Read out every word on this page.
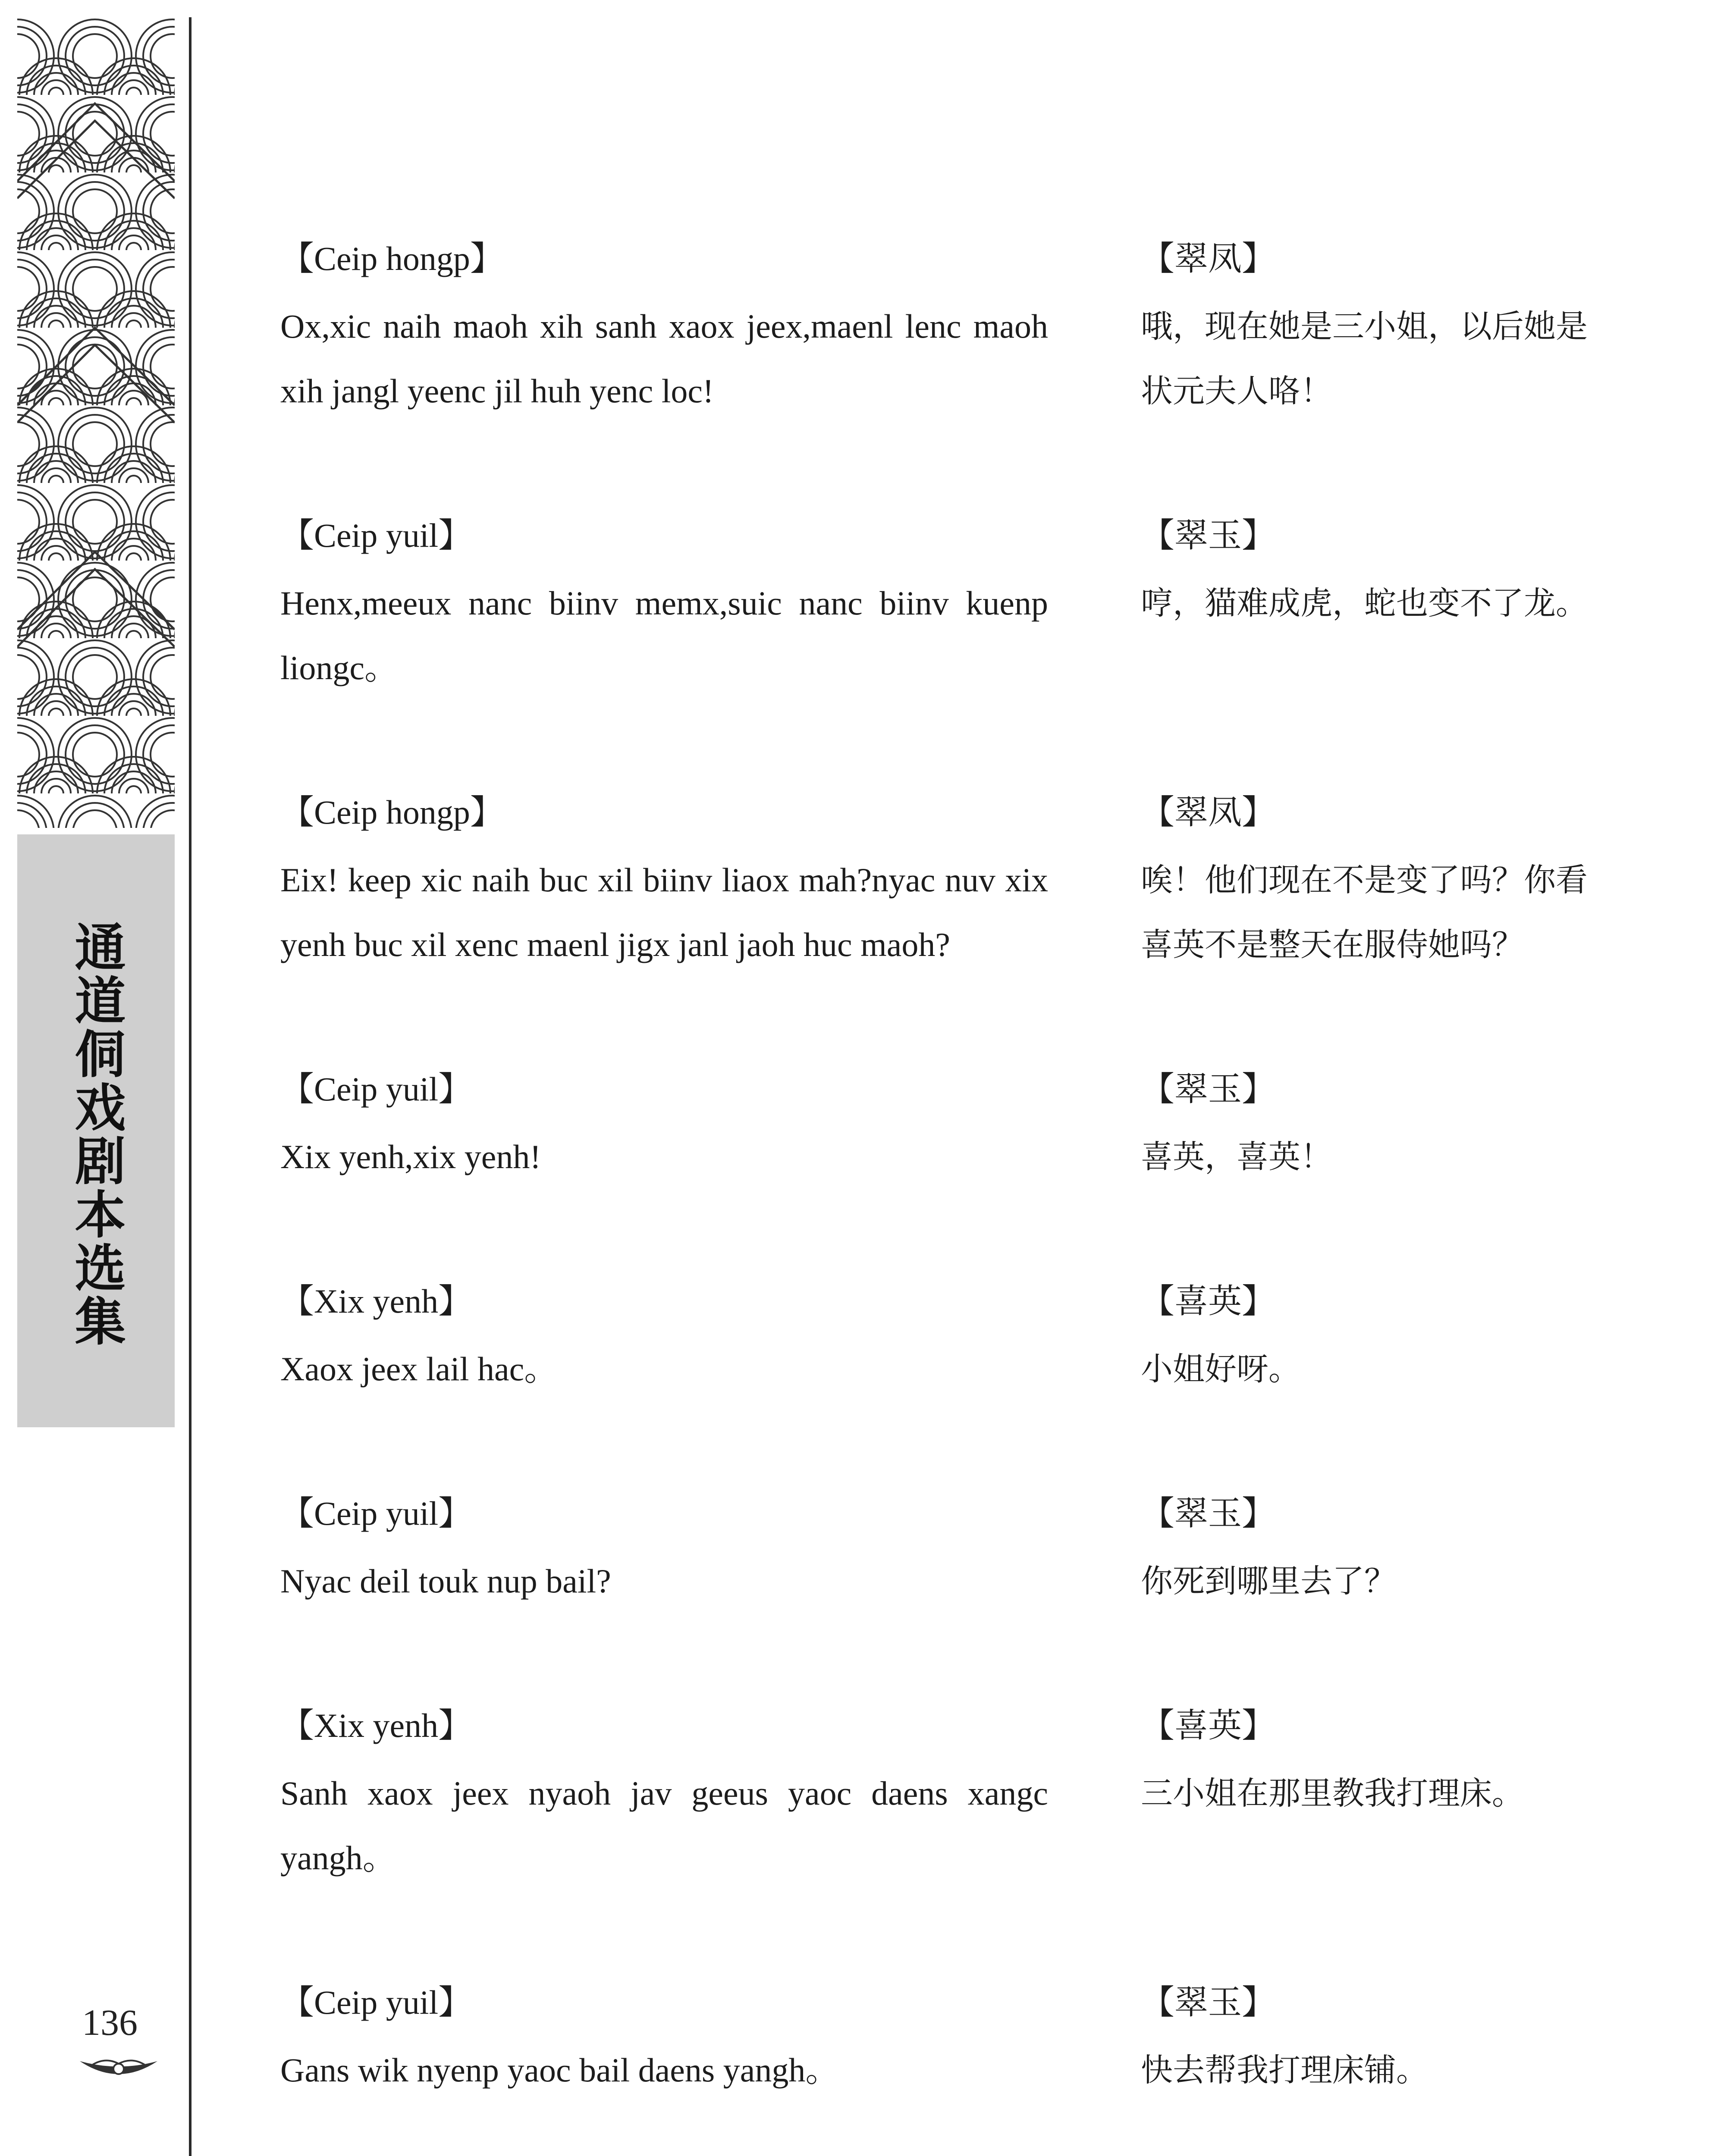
通道侗戏剧本选集
136

【Ceip hongp】

Ox,xic naih maoh xih sanh xaox jeex,maenl lenc maoh xih jangl yeenc jil huh yenc loc!

【翠凤】

哦，现在她是三小姐，以后她是状元夫人咯！

【Ceip yuil】

Henx,meeux nanc biinv memx,suic nanc biinv kuenp liongc。

【翠玉】

哼，猫难成虎，蛇也变不了龙。

【Ceip hongp】

Eix! keep xic naih buc xil biinv liaox mah?nyac nuv xix yenh buc xil xenc maenl jigx janl jaoh huc maoh?

【翠凤】

唉！他们现在不是变了吗？你看喜英不是整天在服侍她吗？

【Ceip yuil】

Xix yenh,xix yenh!

【翠玉】

喜英，喜英！

【Xix yenh】

Xaox jeex lail hac。

【喜英】

小姐好呀。

【Ceip yuil】

Nyac deil touk nup bail?

【翠玉】

你死到哪里去了？

【Xix yenh】

Sanh xaox jeex nyaoh jav geeus yaoc daens xangc yangh。

【喜英】

三小姐在那里教我打理床。

【Ceip yuil】

Gans wik nyenp yaoc bail daens yangh。

【翠玉】

快去帮我打理床铺。
